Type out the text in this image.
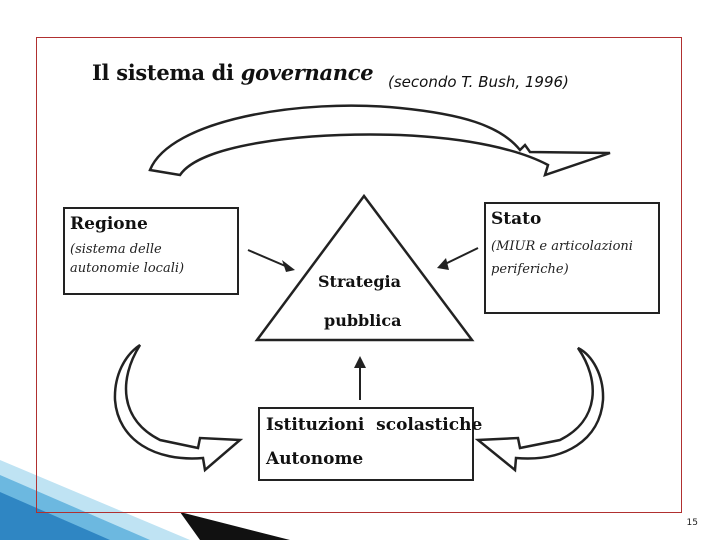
Il sistema di governance (secondo T. Bush, 1996)
Strategia
pubblica
Regione
(sistema delle
autonomie locali)
Stato
(MIUR e articolazioni
periferiche)
Istituzioni  scolastiche
Autonome
15
